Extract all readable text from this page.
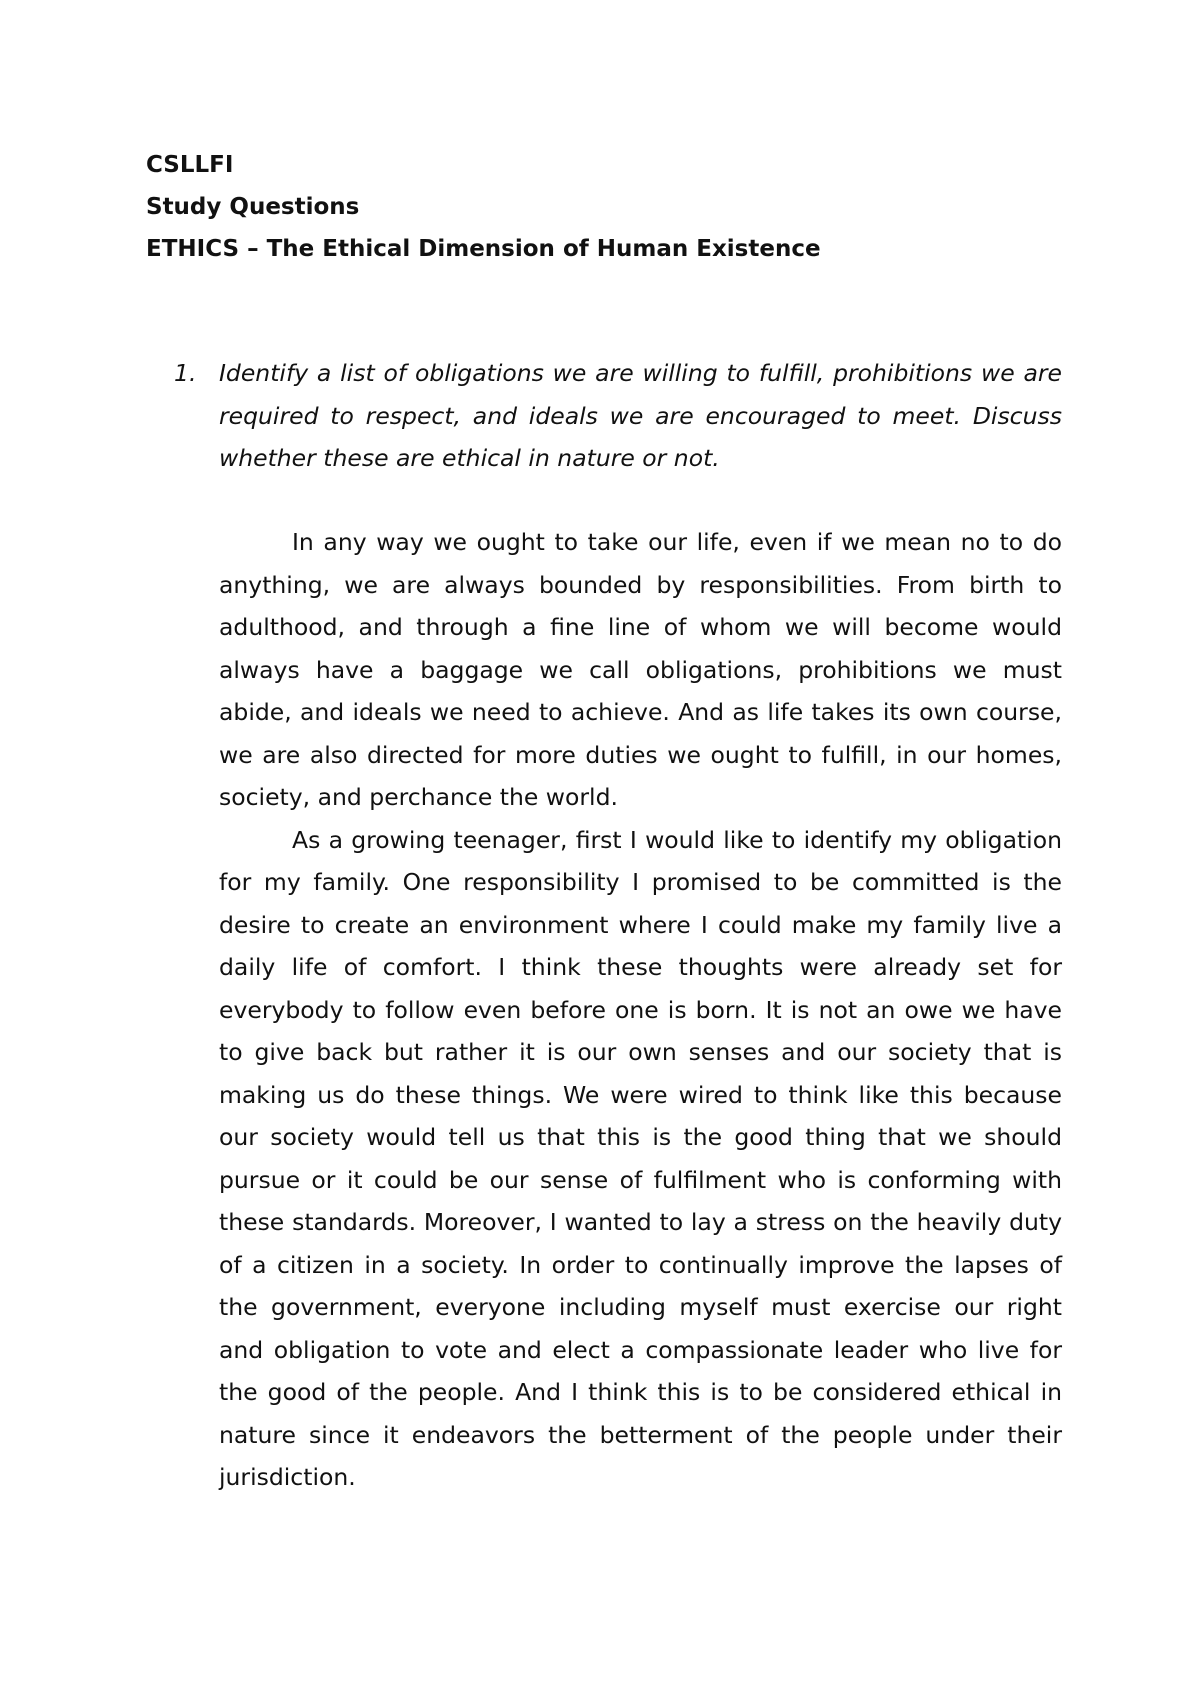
CSLLFI
Study Questions
ETHICS – The Ethical Dimension of Human Existence
1. Identify a list of obligations we are willing to fulfill, prohibitions we are required to respect, and ideals we are encouraged to meet. Discuss whether these are ethical in nature or not.

In any way we ought to take our life, even if we mean no to do anything, we are always bounded by responsibilities. From birth to adulthood, and through a fine line of whom we will become would always have a baggage we call obligations, prohibitions we must abide, and ideals we need to achieve. And as life takes its own course, we are also directed for more duties we ought to fulfill, in our homes, society, and perchance the world.

As a growing teenager, first I would like to identify my obligation for my family. One responsibility I promised to be committed is the desire to create an environment where I could make my family live a daily life of comfort. I think these thoughts were already set for everybody to follow even before one is born. It is not an owe we have to give back but rather it is our own senses and our society that is making us do these things. We were wired to think like this because our society would tell us that this is the good thing that we should pursue or it could be our sense of fulfilment who is conforming with these standards. Moreover, I wanted to lay a stress on the heavily duty of a citizen in a society. In order to continually improve the lapses of the government, everyone including myself must exercise our right and obligation to vote and elect a compassionate leader who live for the good of the people. And I think this is to be considered ethical in nature since it endeavors the betterment of the people under their jurisdiction.
